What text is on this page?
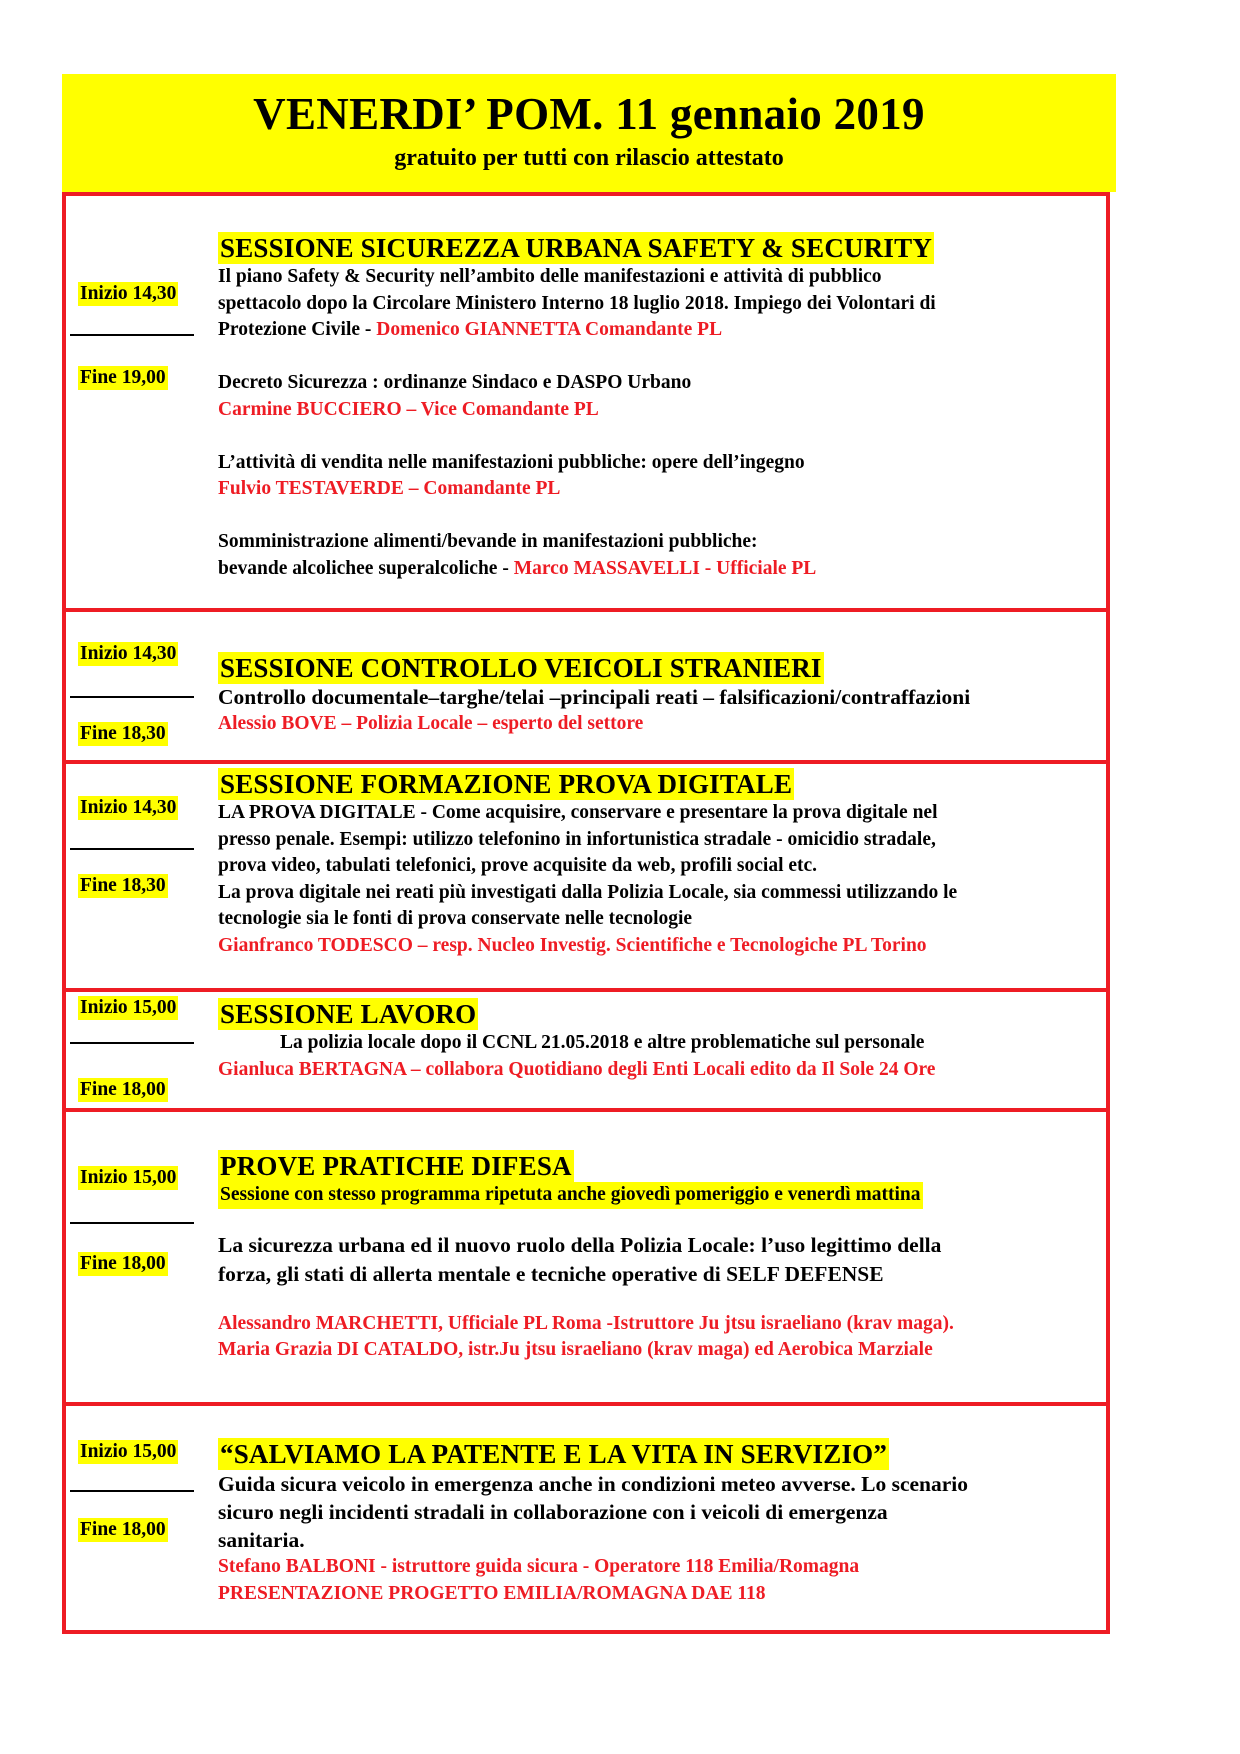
VENERDI’ POM. 11 gennaio 2019
gratuito per tutti con rilascio attestato
Inizio 14,30
Fine 19,00
SESSIONE SICUREZZA URBANA SAFETY & SECURITY
Il piano Safety & Security nell’ambito delle manifestazioni e attività di pubblico
spettacolo dopo la Circolare Ministero Interno 18 luglio 2018. Impiego dei Volontari di
Protezione Civile - Domenico GIANNETTA Comandante PL
Decreto Sicurezza : ordinanze Sindaco e DASPO Urbano
Carmine BUCCIERO – Vice Comandante PL
L’attività di vendita nelle manifestazioni pubbliche: opere dell’ingegno
Fulvio TESTAVERDE – Comandante PL
Somministrazione alimenti/bevande in manifestazioni pubbliche:
bevande alcolichee superalcoliche - Marco MASSAVELLI - Ufficiale PL
Inizio 14,30
Fine 18,30
SESSIONE CONTROLLO VEICOLI STRANIERI
Controllo documentale–targhe/telai –principali reati – falsificazioni/contraffazioni
Alessio BOVE – Polizia Locale – esperto del settore
Inizio 14,30
Fine 18,30
SESSIONE FORMAZIONE PROVA DIGITALE
LA PROVA DIGITALE - Come acquisire, conservare e presentare la prova digitale nel
presso penale. Esempi: utilizzo telefonino in infortunistica stradale - omicidio stradale,
prova video, tabulati telefonici, prove acquisite da web, profili social etc.
La prova digitale nei reati più investigati dalla Polizia Locale, sia commessi utilizzando le
tecnologie sia le fonti di prova conservate nelle tecnologie
Gianfranco TODESCO – resp. Nucleo Investig. Scientifiche e Tecnologiche PL Torino
Inizio 15,00
Fine 18,00
SESSIONE LAVORO
La polizia locale dopo il CCNL 21.05.2018 e altre problematiche sul personale
Gianluca BERTAGNA – collabora Quotidiano degli Enti Locali edito da Il Sole 24 Ore
Inizio 15,00
Fine 18,00
PROVE PRATICHE DIFESA
Sessione con stesso programma ripetuta anche giovedì pomeriggio e venerdì mattina
La sicurezza urbana ed il nuovo ruolo della Polizia Locale: l’uso legittimo della
forza, gli stati di allerta mentale e tecniche operative di SELF DEFENSE
Alessandro MARCHETTI, Ufficiale PL Roma -Istruttore Ju jtsu israeliano (krav maga).
Maria Grazia DI CATALDO, istr.Ju jtsu israeliano (krav maga) ed Aerobica Marziale
Inizio 15,00
Fine 18,00
“SALVIAMO LA PATENTE E LA VITA IN SERVIZIO”
Guida sicura veicolo in emergenza anche in condizioni meteo avverse. Lo scenario
sicuro negli incidenti stradali in collaborazione con i veicoli di emergenza
sanitaria.
Stefano BALBONI - istruttore guida sicura - Operatore 118 Emilia/Romagna
PRESENTAZIONE PROGETTO EMILIA/ROMAGNA DAE 118
